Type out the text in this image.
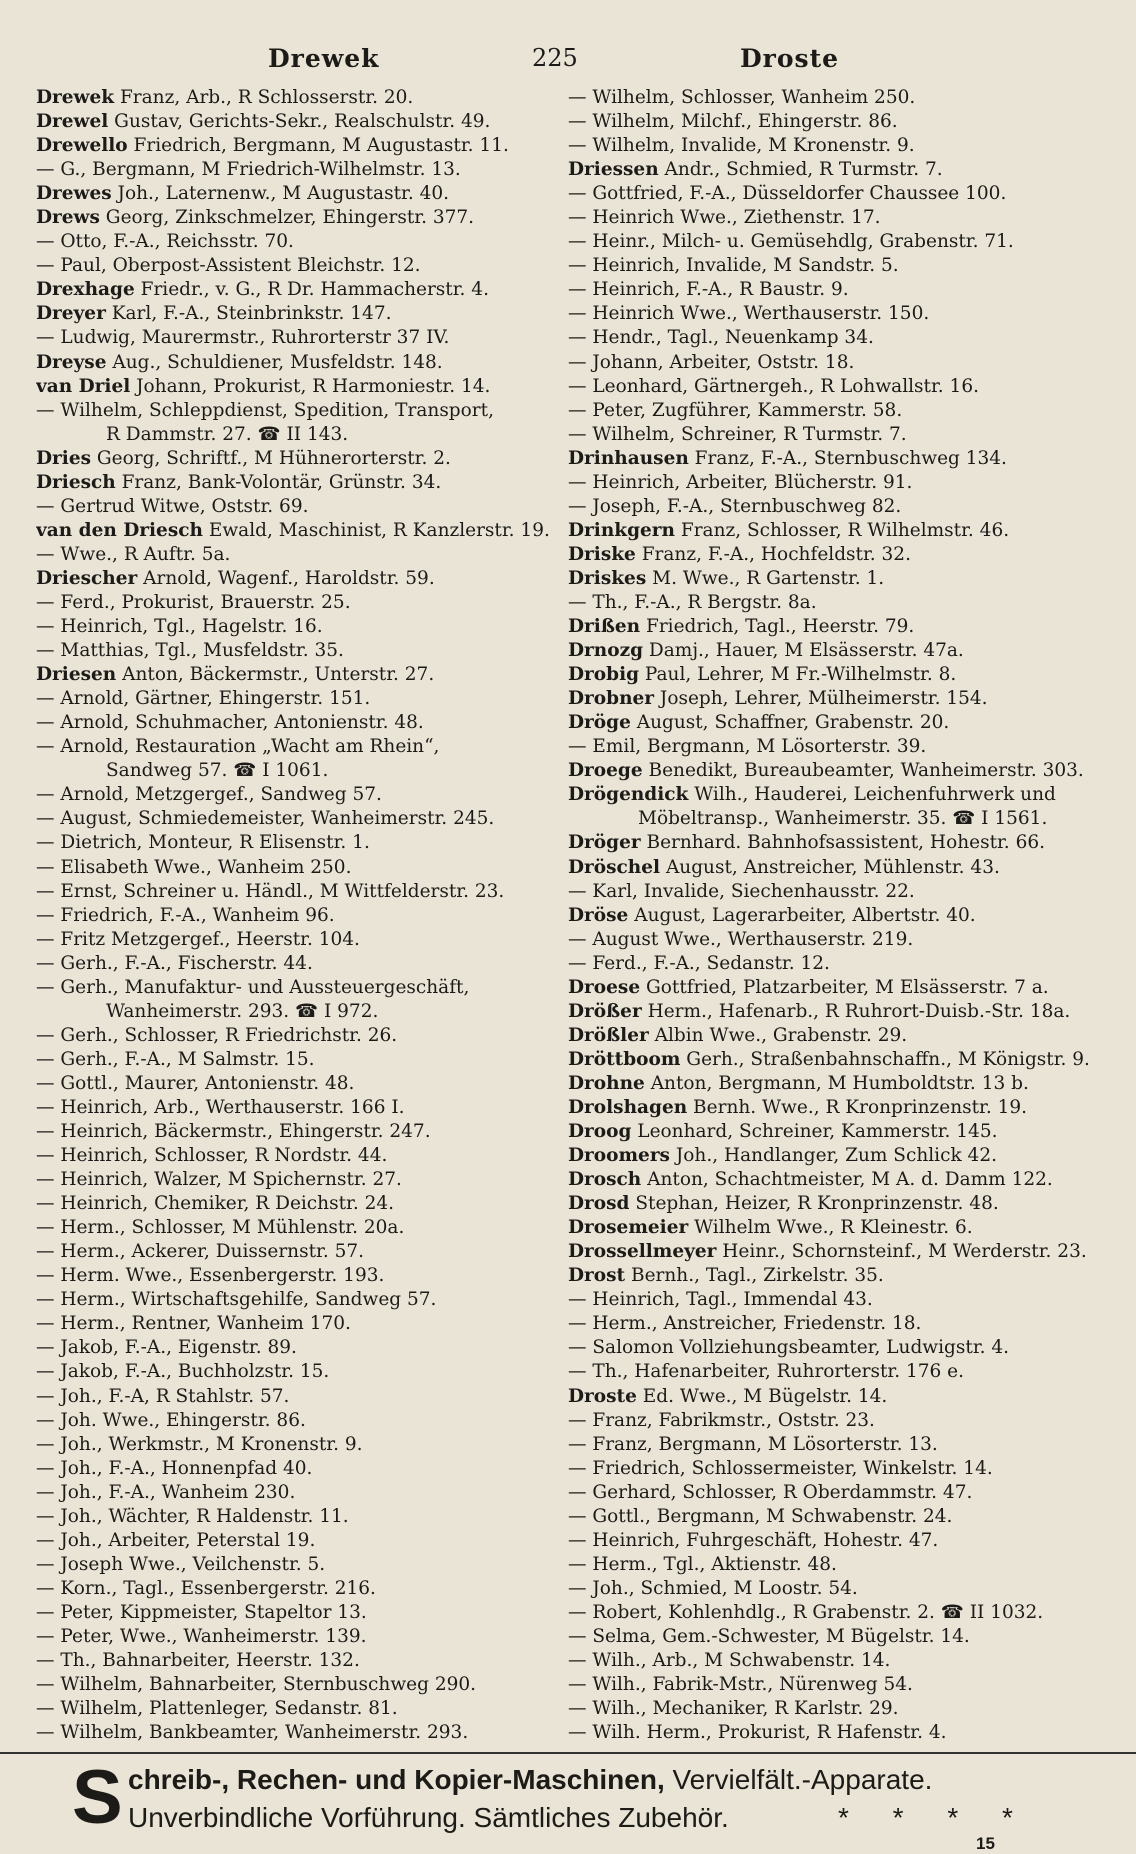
Drewek	225	Droste
Drewek Franz, Arb., R Schlosserstr. 20.
Drewel Gustav, Gerichts-Sekr., Realschulstr. 49.
Drewello Friedrich, Bergmann, M Augustastr. 11.
— G., Bergmann, M Friedrich-Wilhelmstr. 13.
Drewes Joh., Laternenw., M Augustastr. 40.
Drews Georg, Zinkschmelzer, Ehingerstr. 377.
— Otto, F.-A., Reichsstr. 70.
— Paul, Oberpost-Assistent Bleichstr. 12.
Drexhage Friedr., v. G., R Dr. Hammacherstr. 4.
Dreyer Karl, F.-A., Steinbrinkstr. 147.
— Ludwig, Maurermstr., Ruhrorterstr 37 IV.
Dreyse Aug., Schuldiener, Musfeldstr. 148.
van Driel Johann, Prokurist, R Harmoniestr. 14.
— Wilhelm, Schleppdienst, Spedition, Transport,
R Dammstr. 27. ☎ II 143.
Dries Georg, Schriftf., M Hühnerorterstr. 2.
Driesch Franz, Bank-Volontär, Grünstr. 34.
— Gertrud Witwe, Oststr. 69.
van den Driesch Ewald, Maschinist, R Kanzlerstr. 19.
— Wwe., R Auftr. 5a.
Driescher Arnold, Wagenf., Haroldstr. 59.
— Ferd., Prokurist, Brauerstr. 25.
— Heinrich, Tgl., Hagelstr. 16.
— Matthias, Tgl., Musfeldstr. 35.
Driesen Anton, Bäckermstr., Unterstr. 27.
— Arnold, Gärtner, Ehingerstr. 151.
— Arnold, Schuhmacher, Antonienstr. 48.
— Arnold, Restauration „Wacht am Rhein“,
Sandweg 57. ☎ I 1061.
— Arnold, Metzgergef., Sandweg 57.
— August, Schmiedemeister, Wanheimerstr. 245.
— Dietrich, Monteur, R Elisenstr. 1.
— Elisabeth Wwe., Wanheim 250.
— Ernst, Schreiner u. Händl., M Wittfelderstr. 23.
— Friedrich, F.-A., Wanheim 96.
— Fritz Metzgergef., Heerstr. 104.
— Gerh., F.-A., Fischerstr. 44.
— Gerh., Manufaktur- und Aussteuergeschäft,
Wanheimerstr. 293. ☎ I 972.
— Gerh., Schlosser, R Friedrichstr. 26.
— Gerh., F.-A., M Salmstr. 15.
— Gottl., Maurer, Antonienstr. 48.
— Heinrich, Arb., Werthauserstr. 166 I.
— Heinrich, Bäckermstr., Ehingerstr. 247.
— Heinrich, Schlosser, R Nordstr. 44.
— Heinrich, Walzer, M Spichernstr. 27.
— Heinrich, Chemiker, R Deichstr. 24.
— Herm., Schlosser, M Mühlenstr. 20a.
— Herm., Ackerer, Duissernstr. 57.
— Herm. Wwe., Essenbergerstr. 193.
— Herm., Wirtschaftsgehilfe, Sandweg 57.
— Herm., Rentner, Wanheim 170.
— Jakob, F.-A., Eigenstr. 89.
— Jakob, F.-A., Buchholzstr. 15.
— Joh., F.-A, R Stahlstr. 57.
— Joh. Wwe., Ehingerstr. 86.
— Joh., Werkmstr., M Kronenstr. 9.
— Joh., F.-A., Honnenpfad 40.
— Joh., F.-A., Wanheim 230.
— Joh., Wächter, R Haldenstr. 11.
— Joh., Arbeiter, Peterstal 19.
— Joseph Wwe., Veilchenstr. 5.
— Korn., Tagl., Essenbergerstr. 216.
— Peter, Kippmeister, Stapeltor 13.
— Peter, Wwe., Wanheimerstr. 139.
— Th., Bahnarbeiter, Heerstr. 132.
— Wilhelm, Bahnarbeiter, Sternbuschweg 290.
— Wilhelm, Plattenleger, Sedanstr. 81.
— Wilhelm, Bankbeamter, Wanheimerstr. 293.
— Wilhelm, Schlosser, Wanheim 250.
— Wilhelm, Milchf., Ehingerstr. 86.
— Wilhelm, Invalide, M Kronenstr. 9.
Driessen Andr., Schmied, R Turmstr. 7.
— Gottfried, F.-A., Düsseldorfer Chaussee 100.
— Heinrich Wwe., Ziethenstr. 17.
— Heinr., Milch- u. Gemüsehdlg, Grabenstr. 71.
— Heinrich, Invalide, M Sandstr. 5.
— Heinrich, F.-A., R Baustr. 9.
— Heinrich Wwe., Werthauserstr. 150.
— Hendr., Tagl., Neuenkamp 34.
— Johann, Arbeiter, Oststr. 18.
— Leonhard, Gärtnergeh., R Lohwallstr. 16.
— Peter, Zugführer, Kammerstr. 58.
— Wilhelm, Schreiner, R Turmstr. 7.
Drinhausen Franz, F.-A., Sternbuschweg 134.
— Heinrich, Arbeiter, Blücherstr. 91.
— Joseph, F.-A., Sternbuschweg 82.
Drinkgern Franz, Schlosser, R Wilhelmstr. 46.
Driske Franz, F.-A., Hochfeldstr. 32.
Driskes M. Wwe., R Gartenstr. 1.
— Th., F.-A., R Bergstr. 8a.
Drißen Friedrich, Tagl., Heerstr. 79.
Drnozg Damj., Hauer, M Elsässerstr. 47a.
Drobig Paul, Lehrer, M Fr.-Wilhelmstr. 8.
Drobner Joseph, Lehrer, Mülheimerstr. 154.
Dröge August, Schaffner, Grabenstr. 20.
— Emil, Bergmann, M Lösorterstr. 39.
Droege Benedikt, Bureaubeamter, Wanheimerstr. 303.
Drögendick Wilh., Hauderei, Leichenfuhrwerk und
Möbeltransp., Wanheimerstr. 35. ☎ I 1561.
Dröger Bernhard. Bahnhofsassistent, Hohestr. 66.
Dröschel August, Anstreicher, Mühlenstr. 43.
— Karl, Invalide, Siechenhausstr. 22.
Dröse August, Lagerarbeiter, Albertstr. 40.
— August Wwe., Werthauserstr. 219.
— Ferd., F.-A., Sedanstr. 12.
Droese Gottfried, Platzarbeiter, M Elsässerstr. 7 a.
Drößer Herm., Hafenarb., R Ruhrort-Duisb.-Str. 18a.
Drößler Albin Wwe., Grabenstr. 29.
Dröttboom Gerh., Straßenbahnschaffn., M Königstr. 9.
Drohne Anton, Bergmann, M Humboldtstr. 13 b.
Drolshagen Bernh. Wwe., R Kronprinzenstr. 19.
Droog Leonhard, Schreiner, Kammerstr. 145.
Droomers Joh., Handlanger, Zum Schlick 42.
Drosch Anton, Schachtmeister, M A. d. Damm 122.
Drosd Stephan, Heizer, R Kronprinzenstr. 48.
Drosemeier Wilhelm Wwe., R Kleinestr. 6.
Drossellmeyer Heinr., Schornsteinf., M Werderstr. 23.
Drost Bernh., Tagl., Zirkelstr. 35.
— Heinrich, Tagl., Immendal 43.
— Herm., Anstreicher, Friedenstr. 18.
— Salomon Vollziehungsbeamter, Ludwigstr. 4.
— Th., Hafenarbeiter, Ruhrorterstr. 176 e.
Droste Ed. Wwe., M Bügelstr. 14.
— Franz, Fabrikmstr., Oststr. 23.
— Franz, Bergmann, M Lösorterstr. 13.
— Friedrich, Schlossermeister, Winkelstr. 14.
— Gerhard, Schlosser, R Oberdammstr. 47.
— Gottl., Bergmann, M Schwabenstr. 24.
— Heinrich, Fuhrgeschäft, Hohestr. 47.
— Herm., Tgl., Aktienstr. 48.
— Joh., Schmied, M Loostr. 54.
— Robert, Kohlenhdlg., R Grabenstr. 2. ☎ II 1032.
— Selma, Gem.-Schwester, M Bügelstr. 14.
— Wilh., Arb., M Schwabenstr. 14.
— Wilh., Fabrik-Mstr., Nürenweg 54.
— Wilh., Mechaniker, R Karlstr. 29.
— Wilh. Herm., Prokurist, R Hafenstr. 4.
S chreib-, Rechen- und Kopier-Maschinen, Vervielfält.-Apparate.
Unverbindliche Vorführung. Sämtliches Zubehör.	* * * *
15
